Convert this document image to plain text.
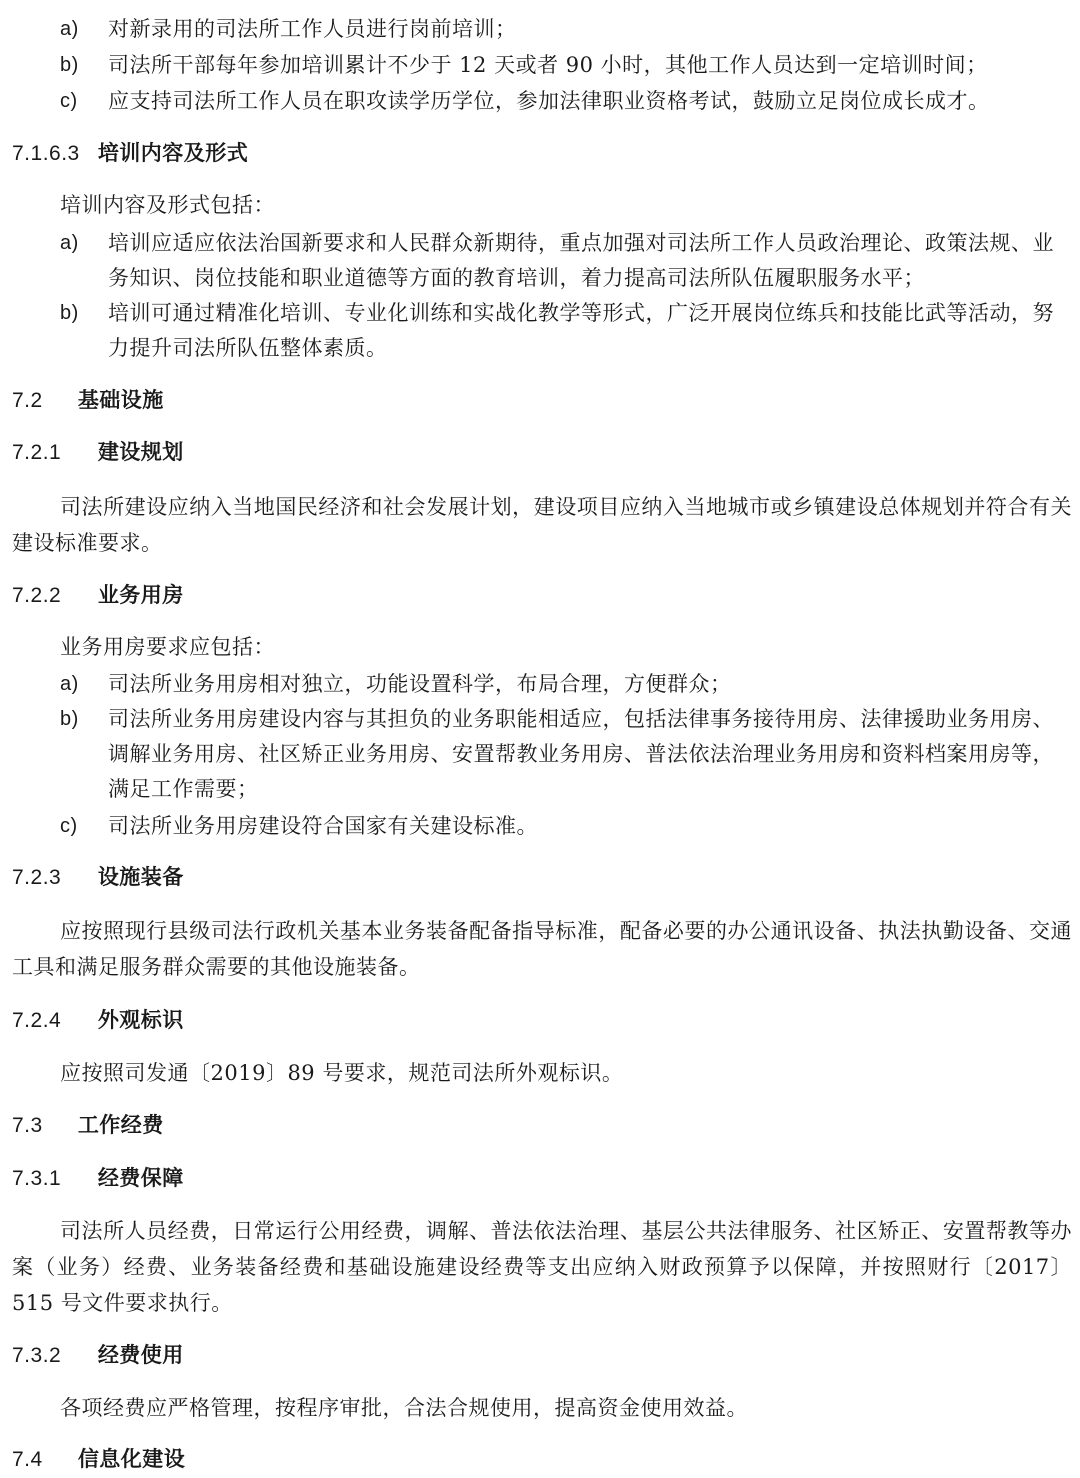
a) 对新录用的司法所工作人员进行岗前培训；
b) 司法所干部每年参加培训累计不少于 12 天或者 90 小时，其他工作人员达到一定培训时间；
c) 应支持司法所工作人员在职攻读学历学位，参加法律职业资格考试，鼓励立足岗位成长成才。
7.1.6.3 培训内容及形式
培训内容及形式包括：
a) 培训应适应依法治国新要求和人民群众新期待，重点加强对司法所工作人员政治理论、政策法规、业务知识、岗位技能和职业道德等方面的教育培训，着力提高司法所队伍履职服务水平；
b) 培训可通过精准化培训、专业化训练和实战化教学等形式，广泛开展岗位练兵和技能比武等活动，努力提升司法所队伍整体素质。
7.2 基础设施
7.2.1 建设规划
司法所建设应纳入当地国民经济和社会发展计划，建设项目应纳入当地城市或乡镇建设总体规划并符合有关建设标准要求。
7.2.2 业务用房
业务用房要求应包括：
a) 司法所业务用房相对独立，功能设置科学，布局合理，方便群众；
b) 司法所业务用房建设内容与其担负的业务职能相适应，包括法律事务接待用房、法律援助业务用房、调解业务用房、社区矫正业务用房、安置帮教业务用房、普法依法治理业务用房和资料档案用房等，满足工作需要；
c) 司法所业务用房建设符合国家有关建设标准。
7.2.3 设施装备
应按照现行县级司法行政机关基本业务装备配备指导标准，配备必要的办公通讯设备、执法执勤设备、交通工具和满足服务群众需要的其他设施装备。
7.2.4 外观标识
应按照司发通〔2019〕89 号要求，规范司法所外观标识。
7.3 工作经费
7.3.1 经费保障
司法所人员经费，日常运行公用经费，调解、普法依法治理、基层公共法律服务、社区矫正、安置帮教等办案（业务）经费、业务装备经费和基础设施建设经费等支出应纳入财政预算予以保障，并按照财行〔2017〕515 号文件要求执行。
7.3.2 经费使用
各项经费应严格管理，按程序审批，合法合规使用，提高资金使用效益。
7.4 信息化建设
